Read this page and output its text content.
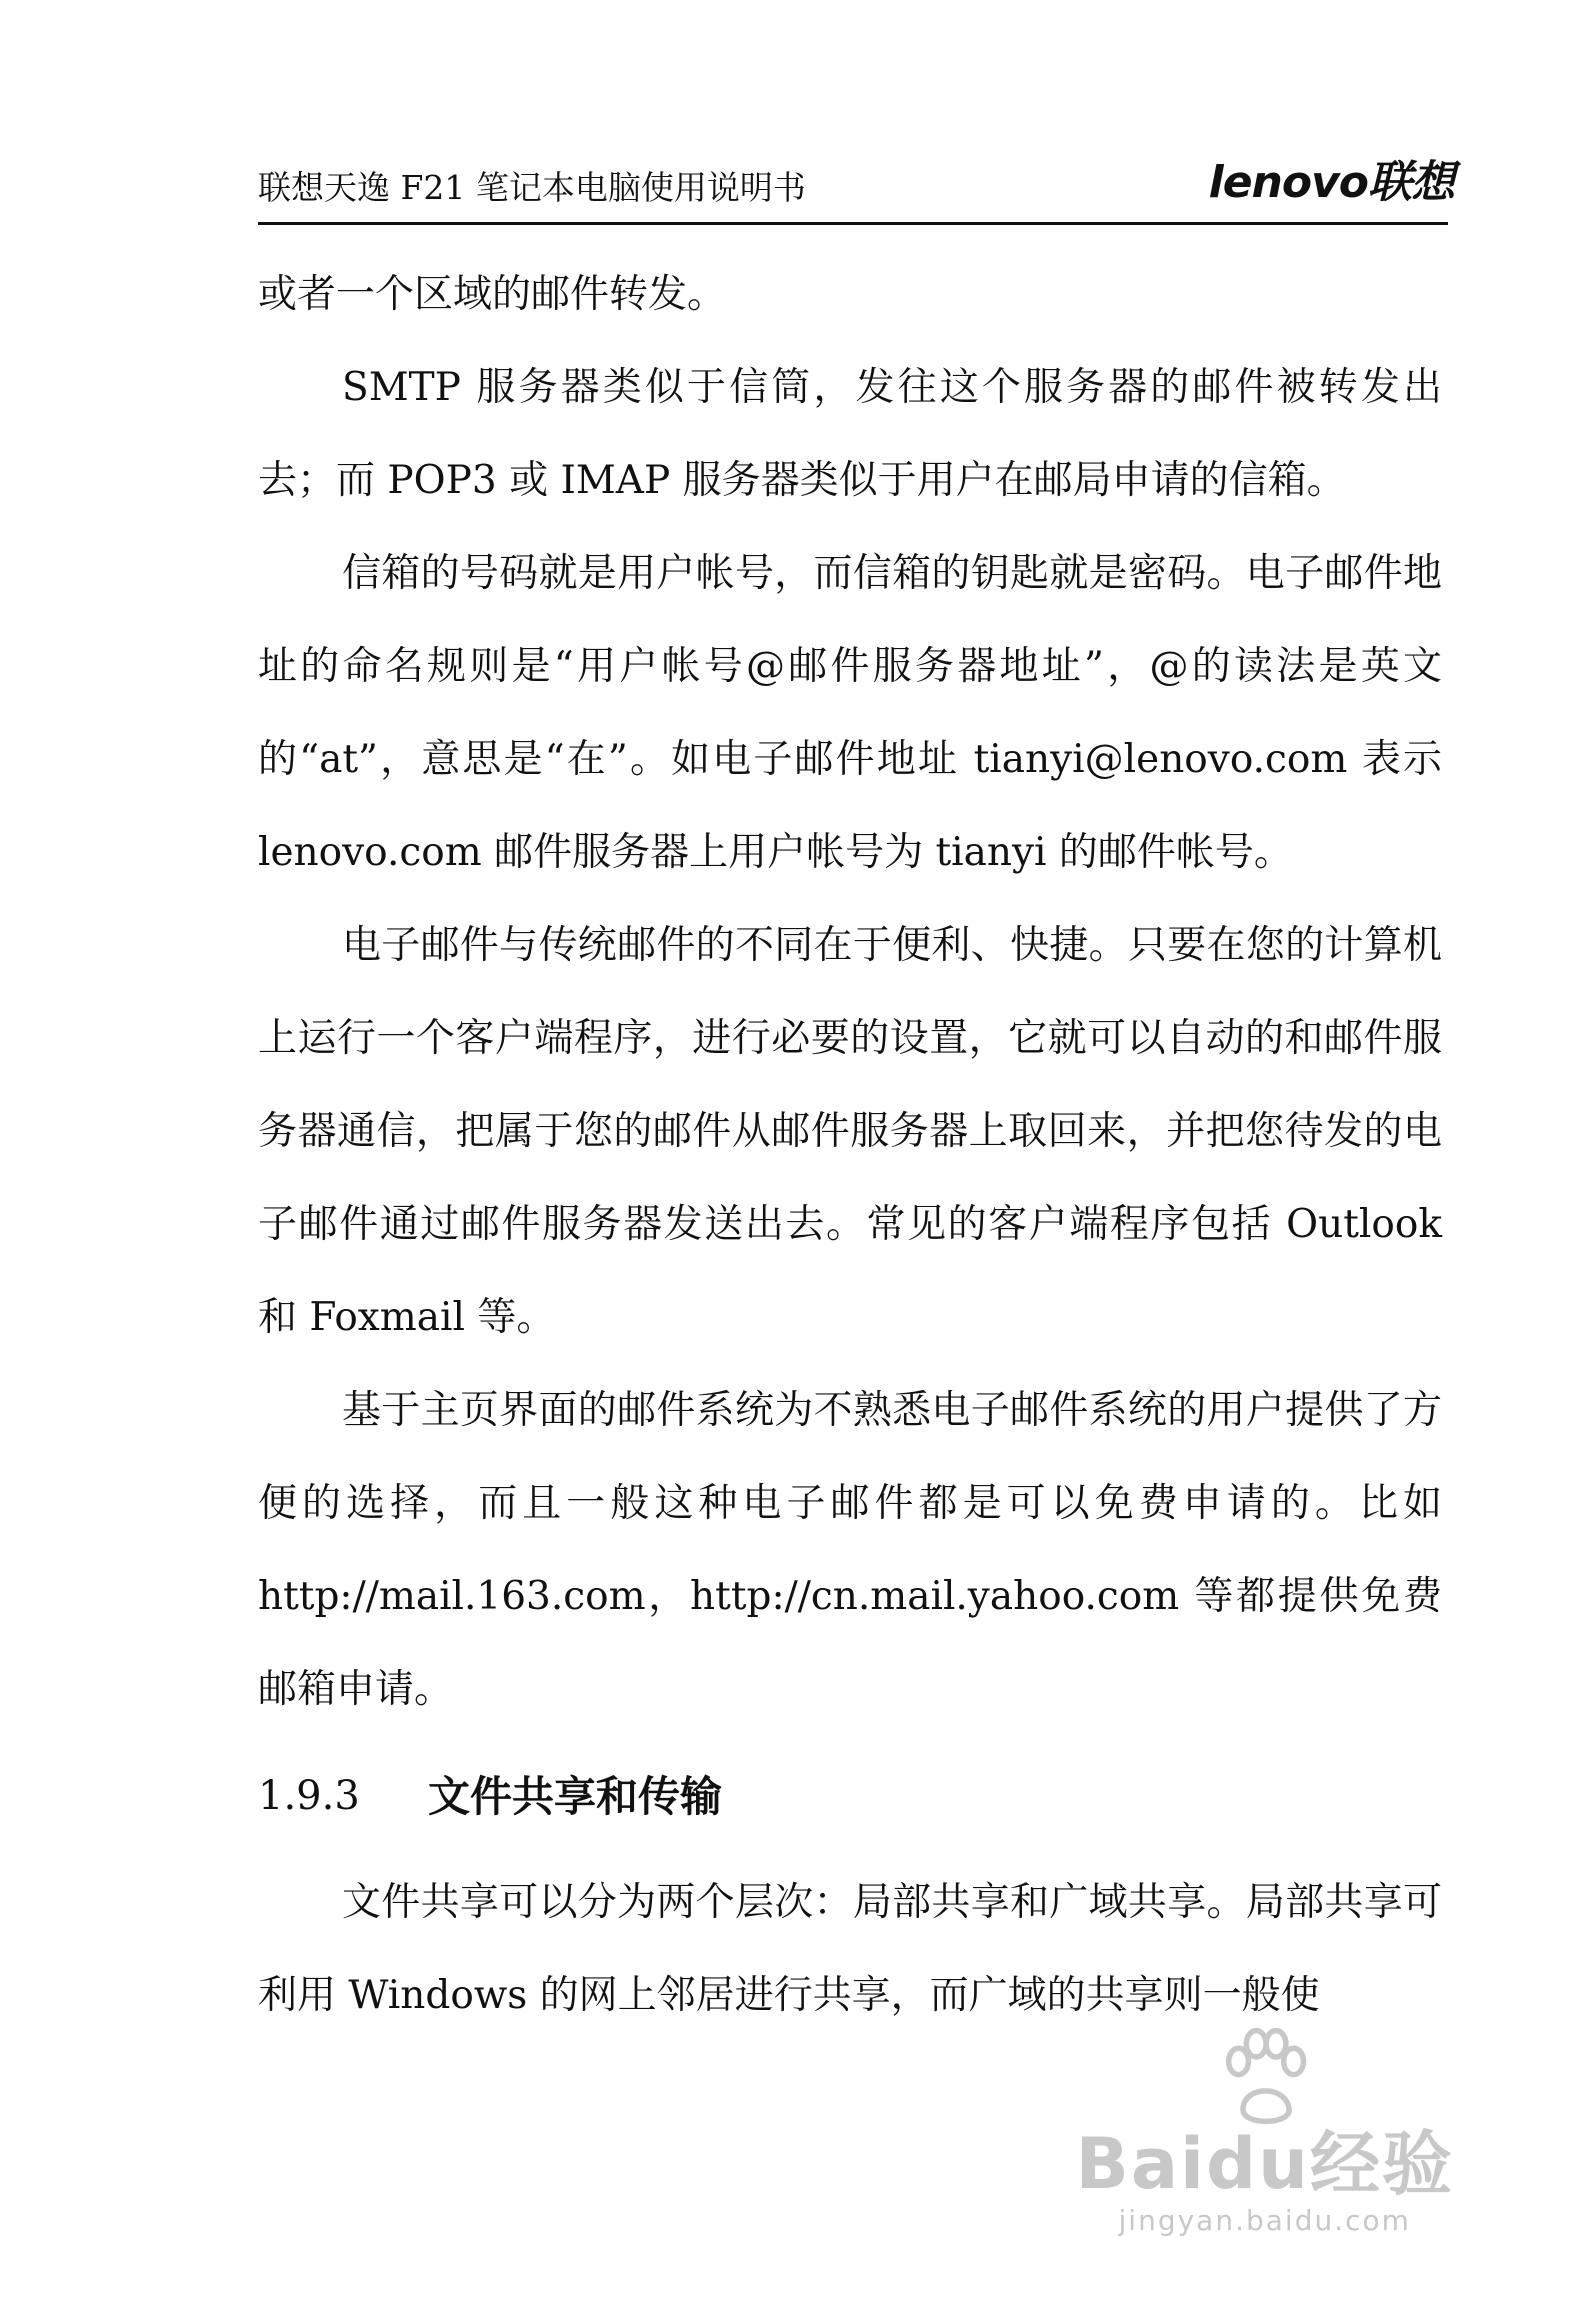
联想天逸 F21 笔记本电脑使用说明书	lenovo联想

或者一个区域的邮件转发。

SMTP 服务器类似于信筒，发往这个服务器的邮件被转发出去；而 POP3 或 IMAP 服务器类似于用户在邮局申请的信箱。

信箱的号码就是用户帐号，而信箱的钥匙就是密码。电子邮件地址的命名规则是“用户帐号@邮件服务器地址”，@的读法是英文的“at”，意思是“在”。如电子邮件地址 tianyi@lenovo.com 表示 lenovo.com 邮件服务器上用户帐号为 tianyi 的邮件帐号。

电子邮件与传统邮件的不同在于便利、快捷。只要在您的计算机上运行一个客户端程序，进行必要的设置，它就可以自动的和邮件服务器通信，把属于您的邮件从邮件服务器上取回来，并把您待发的电子邮件通过邮件服务器发送出去。常见的客户端程序包括 Outlook 和 Foxmail 等。

基于主页界面的邮件系统为不熟悉电子邮件系统的用户提供了方便的选择，而且一般这种电子邮件都是可以免费申请的。比如 http://mail.163.com，http://cn.mail.yahoo.com 等都提供免费邮箱申请。

1.9.3	文件共享和传输

文件共享可以分为两个层次：局部共享和广域共享。局部共享可利用 Windows 的网上邻居进行共享，而广域的共享则一般使

Baidu经验
jingyan.baidu.com
